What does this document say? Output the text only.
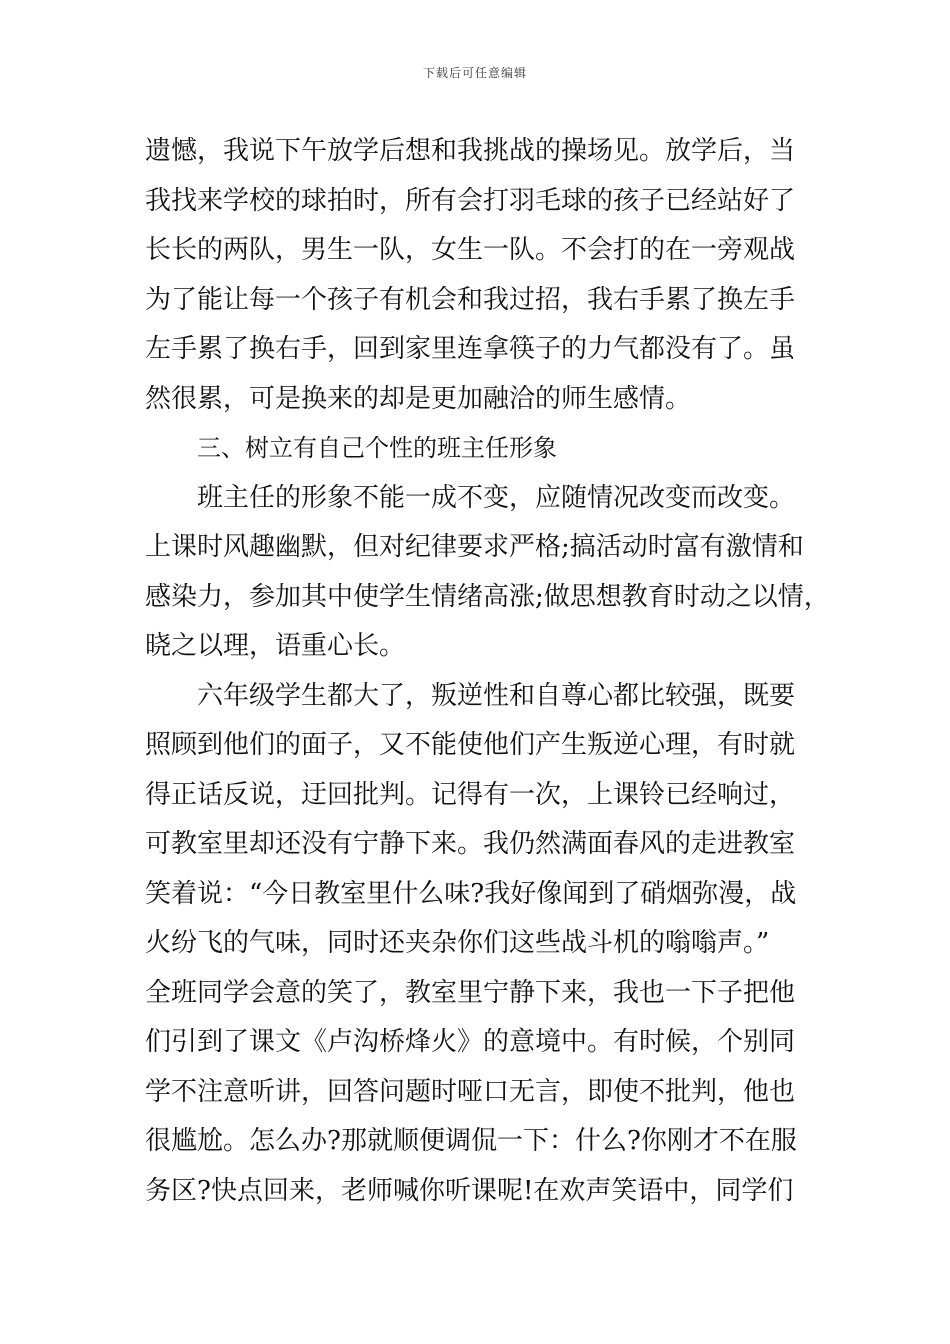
下载后可任意编辑
遗憾，我说下午放学后想和我挑战的操场见。放学后，当
我找来学校的球拍时，所有会打羽毛球的孩子已经站好了
长长的两队，男生一队，女生一队。不会打的在一旁观战
为了能让每一个孩子有机会和我过招，我右手累了换左手
左手累了换右手，回到家里连拿筷子的力气都没有了。虽
然很累，可是换来的却是更加融洽的师生感情。
三、树立有自己个性的班主任形象
班主任的形象不能一成不变，应随情况改变而改变。
上课时风趣幽默，但对纪律要求严格;搞活动时富有激情和
感染力，参加其中使学生情绪高涨;做思想教育时动之以情，
晓之以理，语重心长。
六年级学生都大了，叛逆性和自尊心都比较强，既要
照顾到他们的面子，又不能使他们产生叛逆心理，有时就
得正话反说，迂回批判。记得有一次，上课铃已经响过，
可教室里却还没有宁静下来。我仍然满面春风的走进教室
笑着说：“今日教室里什么味?我好像闻到了硝烟弥漫，战
火纷飞的气味，同时还夹杂你们这些战斗机的嗡嗡声。”
全班同学会意的笑了，教室里宁静下来，我也一下子把他
们引到了课文《卢沟桥烽火》的意境中。有时候，个别同
学不注意听讲，回答问题时哑口无言，即使不批判，他也
很尴尬。怎么办?那就顺便调侃一下：什么?你刚才不在服
务区?快点回来，老师喊你听课呢!在欢声笑语中，同学们
